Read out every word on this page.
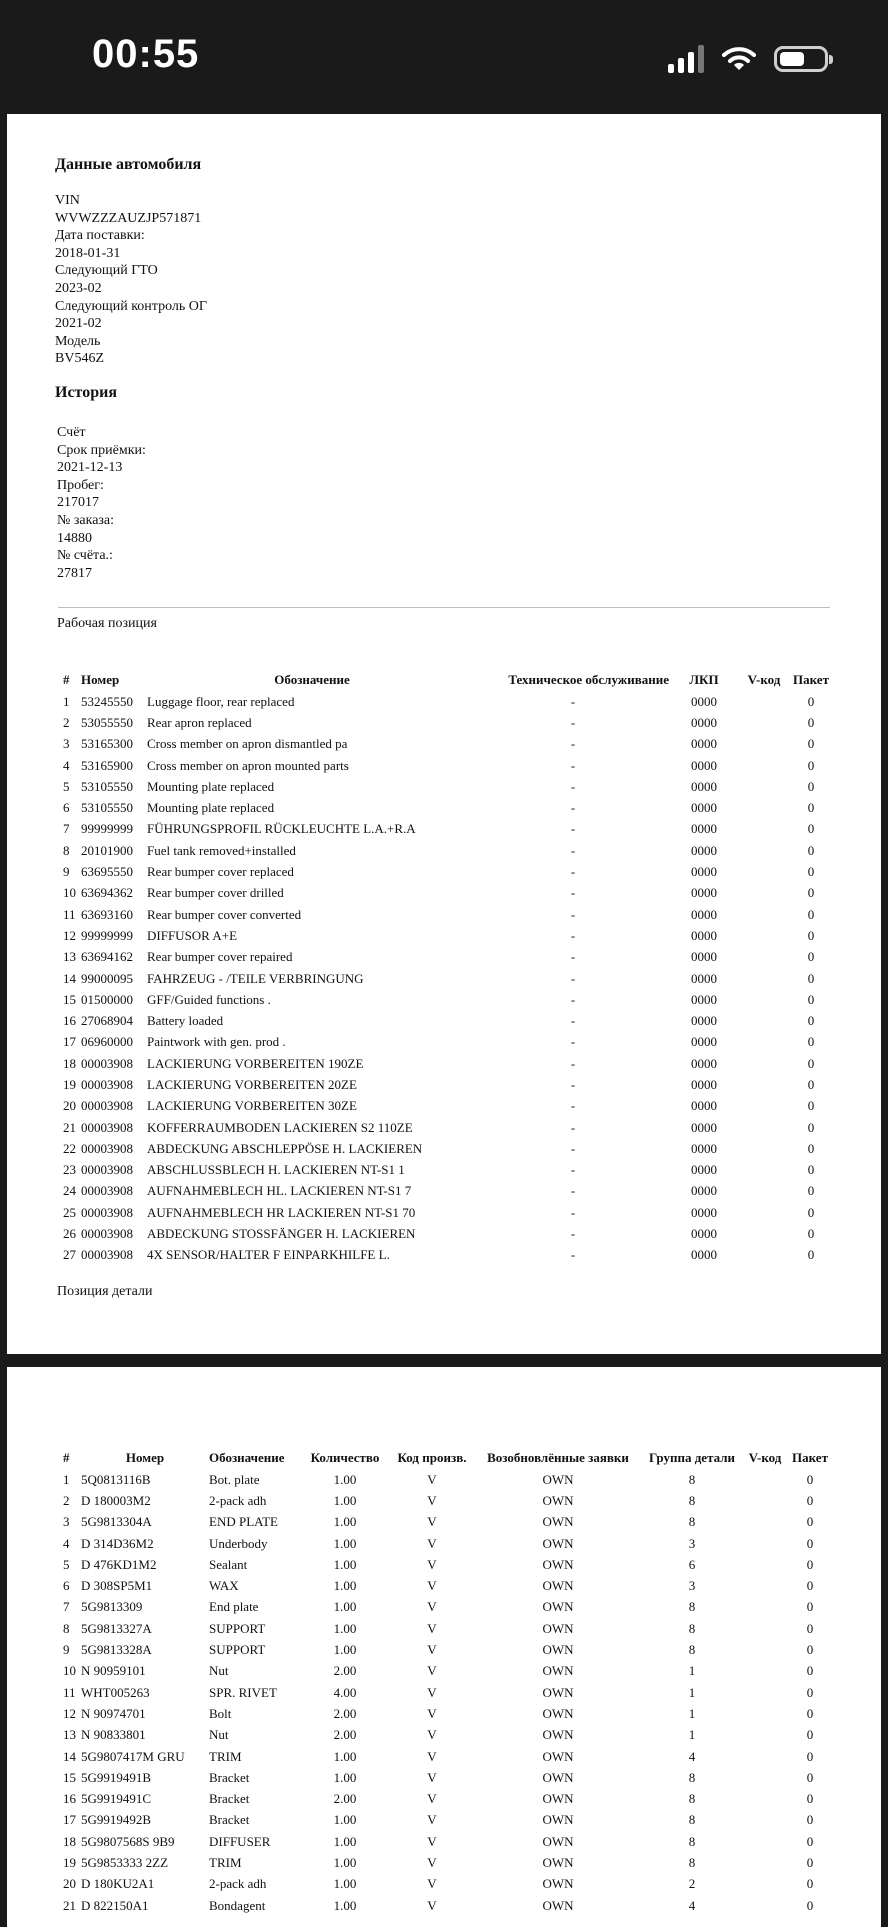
00:55
Данные автомобиля
VIN
WVWZZZAUZJP571871
Дата поставки:
2018-01-31
Следующий ГТО
2023-02
Следующий контроль ОГ
2021-02
Модель
BV546Z
История
Счёт
Срок приёмки:
2021-12-13
Пробег:
217017
№ заказа:
14880
№ счёта.:
27817
Рабочая позиция
#	Номер	Обозначение	Техническое обслуживание	ЛКП	V-код	Пакет
1	53245550	Luggage floor, rear replaced	-	0000		0
2	53055550	Rear apron replaced	-	0000		0
3	53165300	Cross member on apron dismantled pa	-	0000		0
4	53165900	Cross member on apron mounted parts	-	0000		0
5	53105550	Mounting plate replaced	-	0000		0
6	53105550	Mounting plate replaced	-	0000		0
7	99999999	FÜHRUNGSPROFIL RÜCKLEUCHTE L.A.+R.A	-	0000		0
8	20101900	Fuel tank removed+installed	-	0000		0
9	63695550	Rear bumper cover replaced	-	0000		0
10	63694362	Rear bumper cover drilled	-	0000		0
11	63693160	Rear bumper cover converted	-	0000		0
12	99999999	DIFFUSOR A+E	-	0000		0
13	63694162	Rear bumper cover repaired	-	0000		0
14	99000095	FAHRZEUG - /TEILE VERBRINGUNG	-	0000		0
15	01500000	GFF/Guided functions .	-	0000		0
16	27068904	Battery loaded	-	0000		0
17	06960000	Paintwork with gen. prod .	-	0000		0
18	00003908	LACKIERUNG VORBEREITEN 190ZE	-	0000		0
19	00003908	LACKIERUNG VORBEREITEN 20ZE	-	0000		0
20	00003908	LACKIERUNG VORBEREITEN 30ZE	-	0000		0
21	00003908	KOFFERRAUMBODEN LACKIEREN S2 110ZE	-	0000		0
22	00003908	ABDECKUNG ABSCHLEPPÖSE H. LACKIEREN	-	0000		0
23	00003908	ABSCHLUSSBLECH H. LACKIEREN NT-S1 1	-	0000		0
24	00003908	AUFNAHMEBLECH HL. LACKIEREN NT-S1 7	-	0000		0
25	00003908	AUFNAHMEBLECH HR LACKIEREN NT-S1 70	-	0000		0
26	00003908	ABDECKUNG STOSSFÄNGER H. LACKIEREN	-	0000		0
27	00003908	4X SENSOR/HALTER F EINPARKHILFE L.	-	0000		0
Позиция детали
#	Номер	Обозначение	Количество	Код произв.	Возобновлённые заявки	Группа детали	V-код	Пакет
1	5Q0813116B	Bot. plate	1.00	V	OWN	8		0
2	D 180003M2	2-pack adh	1.00	V	OWN	8		0
3	5G9813304A	END PLATE	1.00	V	OWN	8		0
4	D 314D36M2	Underbody	1.00	V	OWN	3		0
5	D 476KD1M2	Sealant	1.00	V	OWN	6		0
6	D 308SP5M1	WAX	1.00	V	OWN	3		0
7	5G9813309	End plate	1.00	V	OWN	8		0
8	5G9813327A	SUPPORT	1.00	V	OWN	8		0
9	5G9813328A	SUPPORT	1.00	V	OWN	8		0
10	N 90959101	Nut	2.00	V	OWN	1		0
11	WHT005263	SPR. RIVET	4.00	V	OWN	1		0
12	N 90974701	Bolt	2.00	V	OWN	1		0
13	N 90833801	Nut	2.00	V	OWN	1		0
14	5G9807417M GRU	TRIM	1.00	V	OWN	4		0
15	5G9919491B	Bracket	1.00	V	OWN	8		0
16	5G9919491C	Bracket	2.00	V	OWN	8		0
17	5G9919492B	Bracket	1.00	V	OWN	8		0
18	5G9807568S 9B9	DIFFUSER	1.00	V	OWN	8		0
19	5G9853333 2ZZ	TRIM	1.00	V	OWN	8		0
20	D 180KU2A1	2-pack adh	1.00	V	OWN	2		0
21	D 822150A1	Bondagent	1.00	V	OWN	4		0
